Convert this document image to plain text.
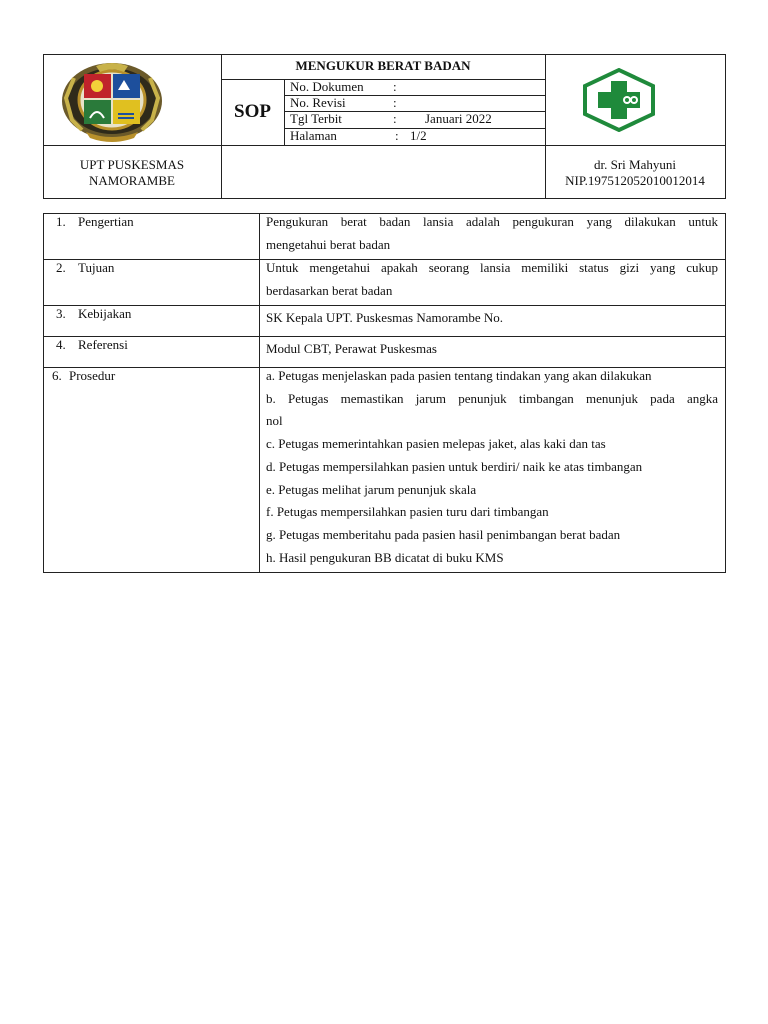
MENGUKUR BERAT BADAN
SOP
No. Dokumen :
No. Revisi	:
Tgl Terbit	: Januari 2022
Halaman	: 1/2
UPT PUSKESMAS
NAMORAMBE
dr. Sri Mahyuni
NIP.197512052010012014
1. Pengertian	Pengukuran berat badan lansia adalah pengukuran yang dilakukan untuk
mengetahui berat badan
2. Tujuan	Untuk mengetahui apakah seorang lansia memiliki status gizi yang cukup
berdasarkan berat badan
3. Kebijakan	SK Kepala UPT. Puskesmas Namorambe No.
4. Referensi	Modul CBT, Perawat Puskesmas
6. Prosedur	a. Petugas menjelaskan pada pasien tentang tindakan yang akan dilakukan
b. Petugas memastikan jarum penunjuk timbangan menunjuk pada angka
nol
c. Petugas memerintahkan pasien melepas jaket, alas kaki dan tas
d. Petugas mempersilahkan pasien untuk berdiri/ naik ke atas timbangan
e. Petugas melihat jarum penunjuk skala
f. Petugas mempersilahkan pasien turu dari timbangan
g. Petugas memberitahu pada pasien hasil penimbangan berat badan
h. Hasil pengukuran BB dicatat di buku KMS
